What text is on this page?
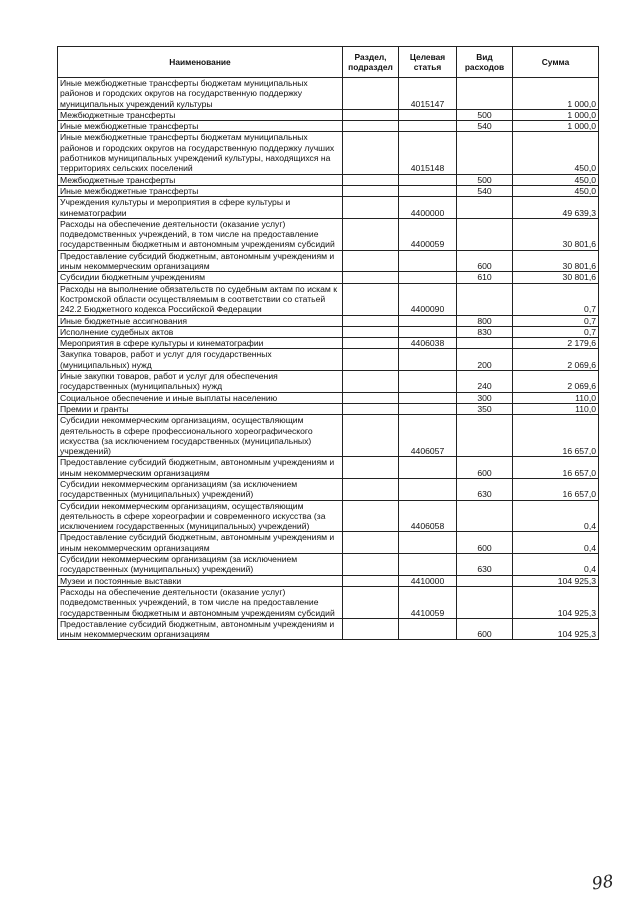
Наименование	Раздел, подраздел	Целевая статья	Вид расходов	Сумма
Иные межбюджетные трансферты бюджетам муниципальных районов и городских округов на государственную поддержку муниципальных учреждений культуры		4015147		1 000,0
Межбюджетные трансферты			500	1 000,0
Иные межбюджетные трансферты			540	1 000,0
Иные межбюджетные трансферты бюджетам муниципальных районов и городских округов на государственную поддержку лучших работников муниципальных учреждений культуры, находящихся на территориях сельских поселений		4015148		450,0
Межбюджетные трансферты			500	450,0
Иные межбюджетные трансферты			540	450,0
Учреждения культуры и мероприятия в сфере культуры и кинематографии		4400000		49 639,3
Расходы на обеспечение деятельности (оказание услуг) подведомственных учреждений, в том числе на предоставление государственным бюджетным и автономным учреждениям субсидий		4400059		30 801,6
Предоставление субсидий бюджетным, автономным учреждениям и иным некоммерческим организациям			600	30 801,6
Субсидии бюджетным учреждениям			610	30 801,6
Расходы на выполнение обязательств по судебным актам по искам к Костромской области осуществляемым в соответствии со статьей 242.2 Бюджетного кодекса Российской Федерации		4400090		0,7
Иные бюджетные ассигнования			800	0,7
Исполнение судебных актов			830	0,7
Мероприятия в сфере культуры и кинематографии		4406038		2 179,6
Закупка товаров, работ и услуг для государственных (муниципальных) нужд			200	2 069,6
Иные закупки товаров, работ и услуг для обеспечения государственных (муниципальных) нужд			240	2 069,6
Социальное обеспечение и иные выплаты населению			300	110,0
Премии и гранты			350	110,0
Субсидии некоммерческим организациям, осуществляющим деятельность в сфере профессионального хореографического искусства (за исключением государственных (муниципальных) учреждений)		4406057		16 657,0
Предоставление субсидий бюджетным, автономным учреждениям и иным некоммерческим организациям			600	16 657,0
Субсидии некоммерческим организациям (за исключением государственных (муниципальных) учреждений)			630	16 657,0
Субсидии некоммерческим организациям, осуществляющим деятельность в сфере хореографии и современного искусства (за исключением государственных (муниципальных) учреждений)		4406058		0,4
Предоставление субсидий бюджетным, автономным учреждениям и иным некоммерческим организациям			600	0,4
Субсидии некоммерческим организациям (за исключением государственных (муниципальных) учреждений)			630	0,4
Музеи и постоянные выставки		4410000		104 925,3
Расходы на обеспечение деятельности (оказание услуг) подведомственных учреждений, в том числе на предоставление государственным бюджетным и автономным учреждениям субсидий		4410059		104 925,3
Предоставление субсидий бюджетным, автономным учреждениям и иным некоммерческим организациям			600	104 925,3
98
